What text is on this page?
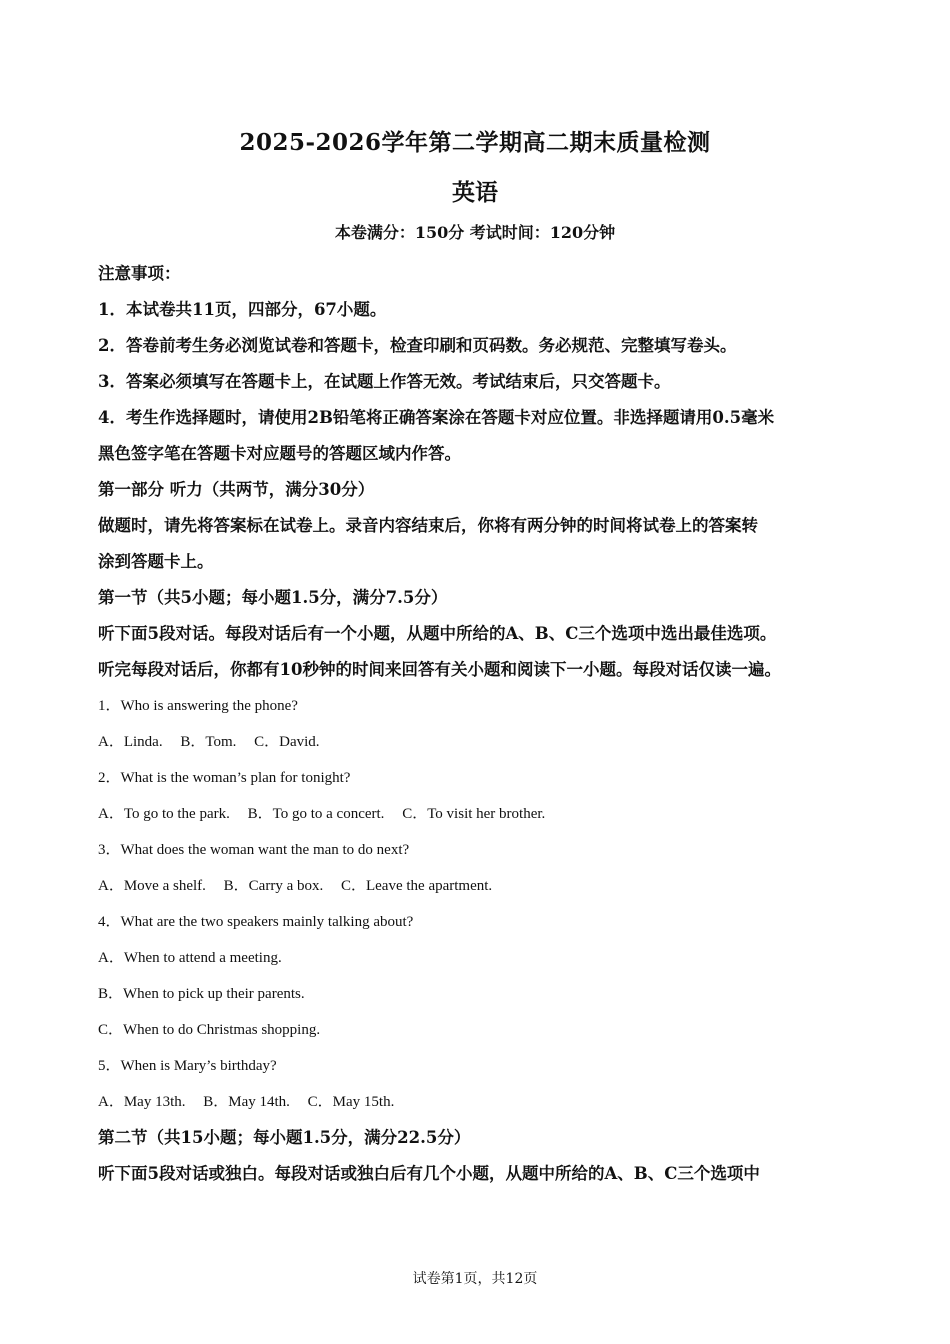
2025-2026学年第二学期高二期末质量检测
英语
本卷满分：150分 考试时间：120分钟
注意事项：
1．本试卷共11页，四部分，67小题。
2．答卷前考生务必浏览试卷和答题卡，检查印刷和页码数。务必规范、完整填写卷头。
3．答案必须填写在答题卡上，在试题上作答无效。考试结束后，只交答题卡。
4．考生作选择题时，请使用2B铅笔将正确答案涂在答题卡对应位置。非选择题请用0.5毫米
黑色签字笔在答题卡对应题号的答题区域内作答。
第一部分 听力（共两节，满分30分）
做题时，请先将答案标在试卷上。录音内容结束后，你将有两分钟的时间将试卷上的答案转
涂到答题卡上。
第一节（共5小题；每小题1.5分，满分7.5分）
听下面5段对话。每段对话后有一个小题，从题中所给的A、B、C三个选项中选出最佳选项。
听完每段对话后，你都有10秒钟的时间来回答有关小题和阅读下一小题。每段对话仅读一遍。
1．Who is answering the phone?
A．Linda. B．Tom. C．David.
2．What is the woman’s plan for tonight?
A．To go to the park. B．To go to a concert. C．To visit her brother.
3．What does the woman want the man to do next?
A．Move a shelf. B．Carry a box. C．Leave the apartment.
4．What are the two speakers mainly talking about?
A．When to attend a meeting.
B．When to pick up their parents.
C．When to do Christmas shopping.
5．When is Mary’s birthday?
A．May 13th. B．May 14th. C．May 15th.
第二节（共15小题；每小题1.5分，满分22.5分）
听下面5段对话或独白。每段对话或独白后有几个小题，从题中所给的A、B、C三个选项中
试卷第1页，共12页
